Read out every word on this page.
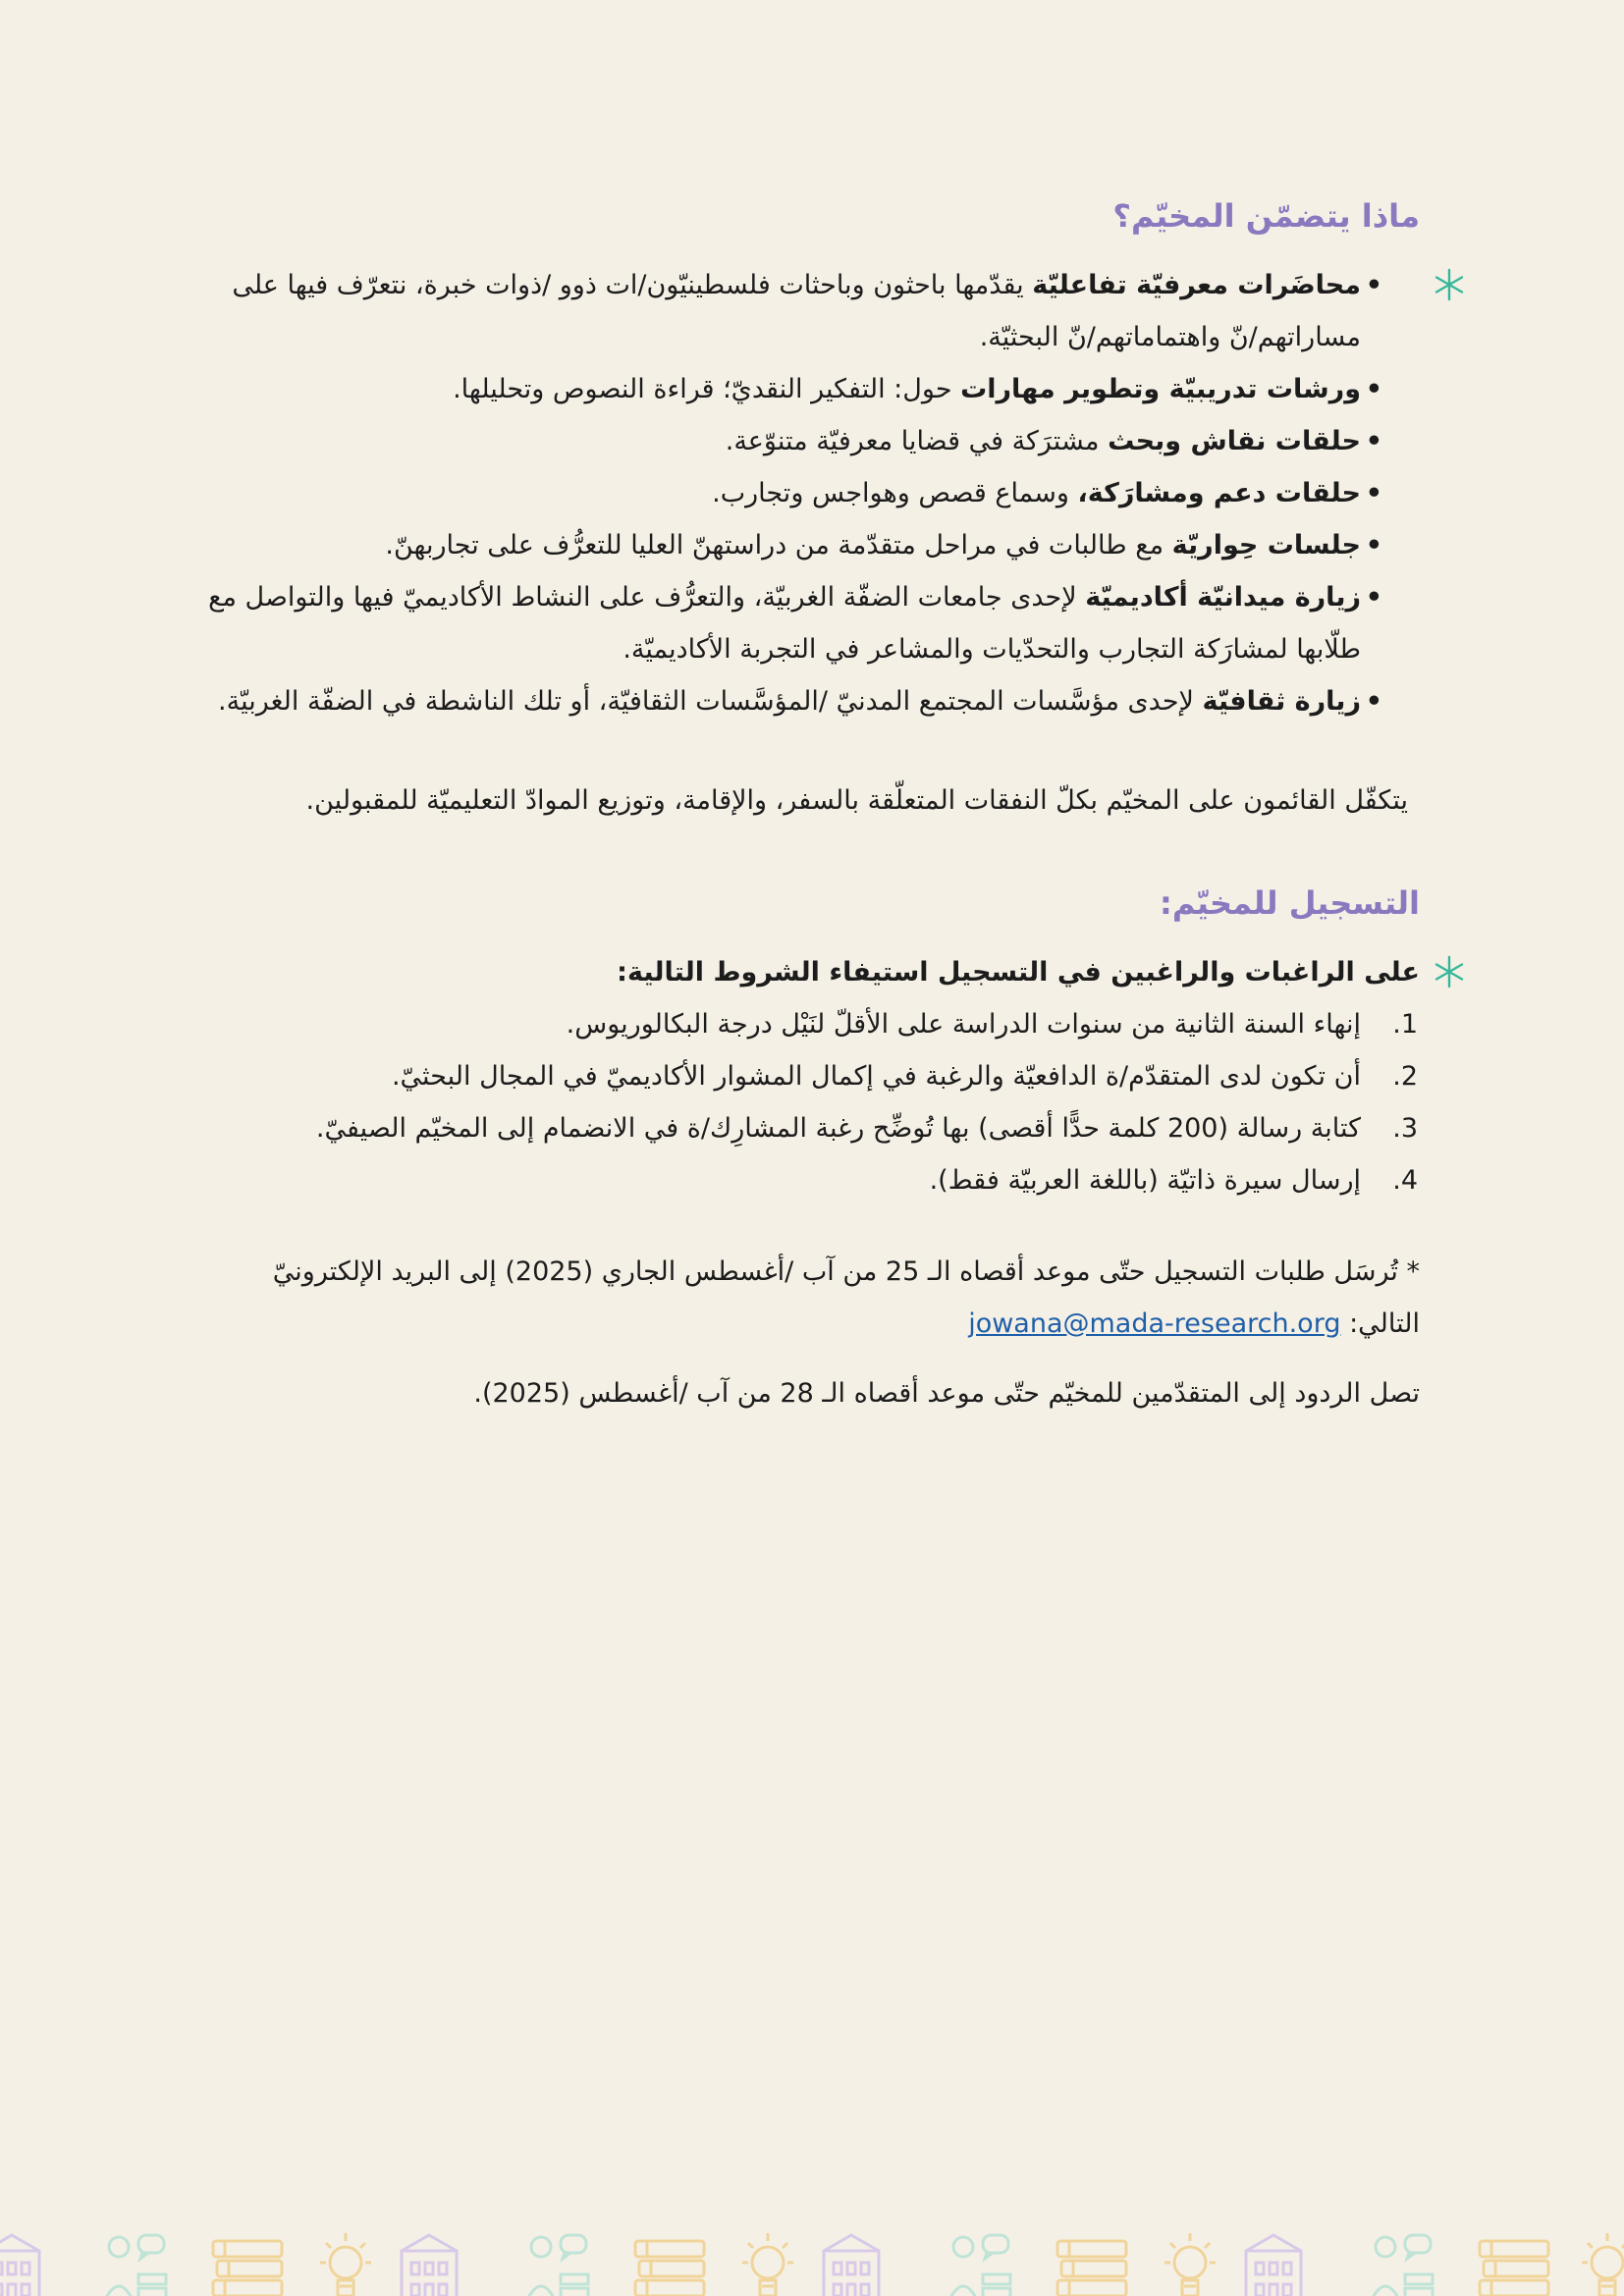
ماذا يتضمّن المخيّم؟
•
محاضَرات معرفيّة تفاعليّة يقدّمها باحثون وباحثات فلسطينيّون/ات ذوو /ذوات خبرة، نتعرّف فيها على مساراتهم/نّ واهتماماتهم/نّ البحثيّة.
•
ورشات تدريبيّة وتطوير مهارات حول: التفكير النقديّ؛ قراءة النصوص وتحليلها.
•
حلقات نقاش وبحث مشترَكة في قضايا معرفيّة متنوّعة.
•
حلقات دعم ومشارَكة، وسماع قصص وهواجس وتجارب.
•
جلسات حِواريّة مع طالبات في مراحل متقدّمة من دراستهنّ العليا للتعرُّف على تجاربهنّ.
•
زيارة ميدانيّة أكاديميّة لإحدى جامعات الضفّة الغربيّة، والتعرُّف على النشاط الأكاديميّ فيها والتواصل مع طلّابها لمشارَكة التجارب والتحدّيات والمشاعر في التجربة الأكاديميّة.
•
زيارة ثقافيّة لإحدى مؤسَّسات المجتمع المدنيّ /المؤسَّسات الثقافيّة، أو تلك الناشطة في الضفّة الغربيّة.

يتكفّل القائمون على المخيّم بكلّ النفقات المتعلّقة بالسفر، والإقامة، وتوزيع الموادّ التعليميّة للمقبولين.

التسجيل للمخيّم:

على الراغبات والراغبين في التسجيل استيفاء الشروط التالية:

1.
إنهاء السنة الثانية من سنوات الدراسة على الأقلّ لنَيْل درجة البكالوريوس.
2.
أن تكون لدى المتقدّم/ة الدافعيّة والرغبة في إكمال المشوار الأكاديميّ في المجال البحثيّ.
3.
كتابة رسالة (200 كلمة حدًّا أقصى) بها تُوضِّح رغبة المشارِك/ة في الانضمام إلى المخيّم الصيفيّ.
4.
إرسال سيرة ذاتيّة (باللغة العربيّة فقط).

* تُرسَل طلبات التسجيل حتّى موعد أقصاه الـ 25 من آب /أغسطس الجاري (2025) إلى البريد الإلكترونيّ التالي: jowana@mada-research.org

تصل الردود إلى المتقدّمين للمخيّم حتّى موعد أقصاه الـ 28 من آب /أغسطس (2025).
